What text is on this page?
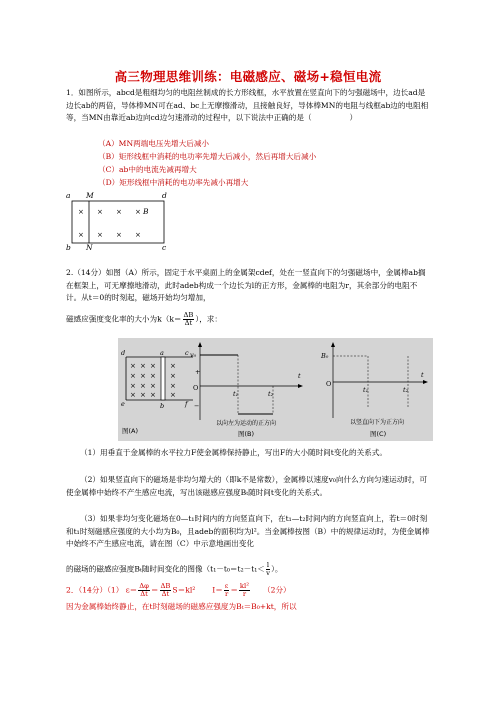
高三物理思维训练：电磁感应、磁场+稳恒电流
1．如图所示，abcd是粗细均匀的电阻丝制成的长方形线框，水平放置在竖直向下的匀强磁场中，边长ad是边长ab的两倍，导体棒MN可在ad、bc上无摩擦滑动，且接触良好，导体棒MN的电阻与线框ab边的电阻相等，当MN由靠近ab边向cd边匀速滑动的过程中，以下说法中正确的是（　　　　　）
（A）MN两端电压先增大后减小
（B）矩形线框中消耗的电功率先增大后减小，然后再增大后减小
（C）ab中的电流先减再增大
（D）矩形线框中消耗的电功率先减小再增大
a M	d
× × × ×
× × × ×
B
b N	c
2.（14分）如图（A）所示，固定于水平桌面上的金属架cdef，处在一竖直向下的匀强磁场中，金属棒ab搁在框架上，可无摩擦地滑动，此时adeb构成一个边长为l的正方形，金属棒的电阻为r，其余部分的电阻不计。从t＝0的时刻起，磁场开始均匀增加，
磁感应强度变化率的大小为$k(k= \frac{\Delta B}{\Delta t}$ ），求：
d	a	c
× × × ×
× × × ×
× × × ×
× × × ×
e	b	f
图(A)
v₀
O
+
−
t
t₁	t₂
以向左为运动的正方向
图(B)
B₀
O
t
t₁	t₂
以竖直向下为正方向
图(C)
（1）用垂直于金属棒的水平拉力F使金属棒保持静止，写出F的大小随时间t变化的关系式。
（2）如果竖直向下的磁场是非均匀增大的（即k不是常数），金属棒以速度v₀向什么方向匀速运动时，可使金属棒中始终不产生感应电流，写出该磁感应强度Bₜ随时间t变化的关系式。
（3）如果非均匀变化磁场在0—t₁时间内的方向竖直向下，在t₁—t₂时间内的方向竖直向上，若t＝0时刻和t₁时刻磁感应强度的大小均为B₀，且adeb的面积均为l²。当金属棒按图（B）中的规律运动时，为使金属棒中始终不产生感应电流，请在图（C）中示意地画出变化
的磁场的磁感应强度Bₜ随时间变化的图像（$t_1-t_0=t_2-t_1< \frac{l}{v}$ ）。
2．（14分）（1） $\varepsilon= \frac{\Delta\varphi}{\Delta t} = \frac{\Delta B}{\Delta t} S=kl^2$ $I= \frac{\varepsilon}{r} = \frac{\text{kl²}}{r} (2$分）
因为金属棒始终静止，在t时刻磁场的磁感应强度为Bₜ＝B₀+kt，所以
